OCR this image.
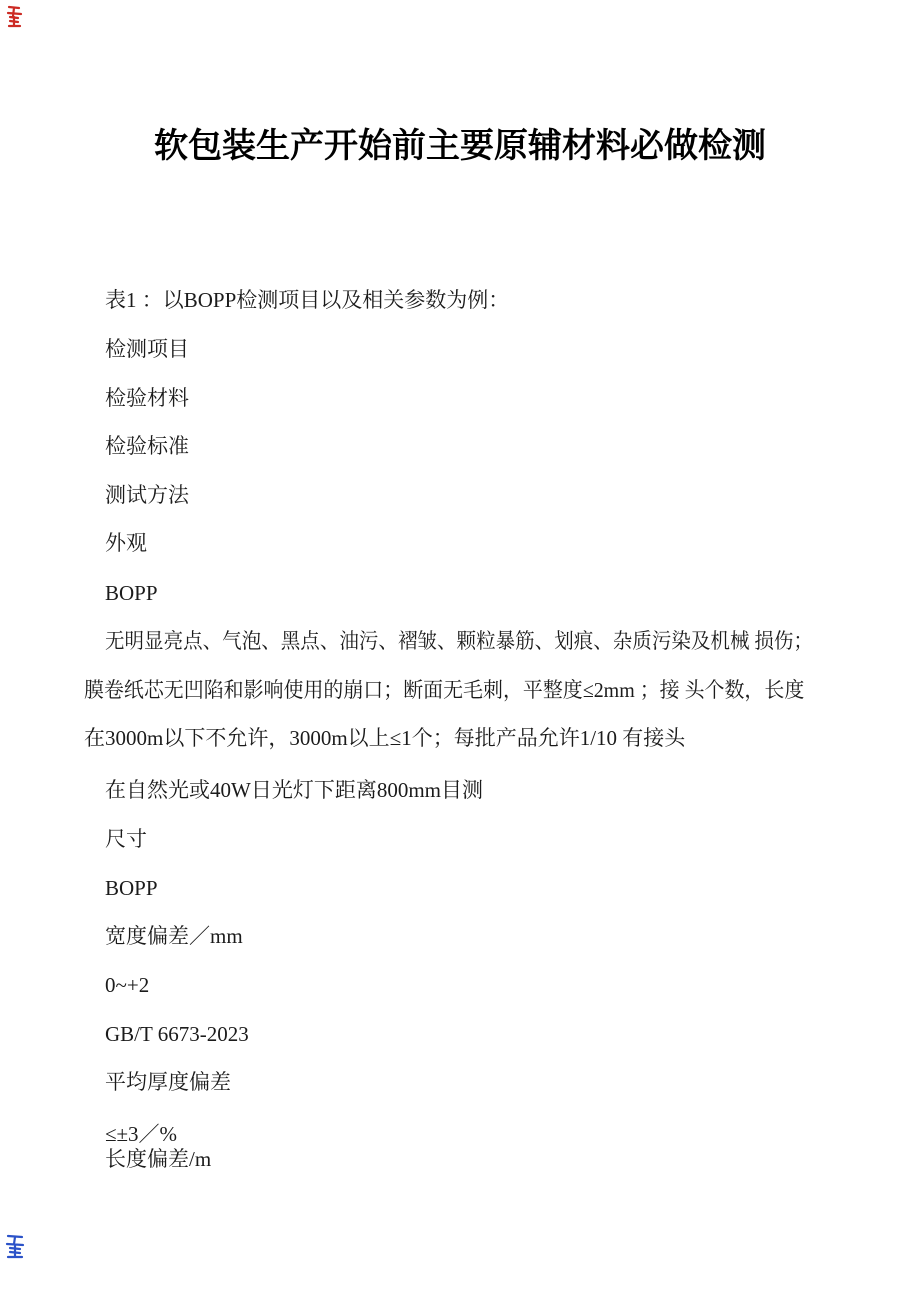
软包装生产开始前主要原辅材料必做检测
表1 ：以BOPP检测项目以及相关参数为例：
检测项目
检验材料
检验标准
测试方法
外观
BOPP
无明显亮点、气泡、黑点、油污、褶皱、颗粒暴筋、划痕、杂质污染及机械 损伤；
膜卷纸芯无凹陷和影响使用的崩口；断面无毛刺，平整度≤2mm ；接 头个数，长度
在3000m以下不允许，3000m以上≤1个；每批产品允许1/10 有接头
在自然光或40W日光灯下距离800mm目测
尺寸
BOPP
宽度偏差／mm
0~+2
GB/T 6673-2023
平均厚度偏差
≤±3／%
长度偏差/m
